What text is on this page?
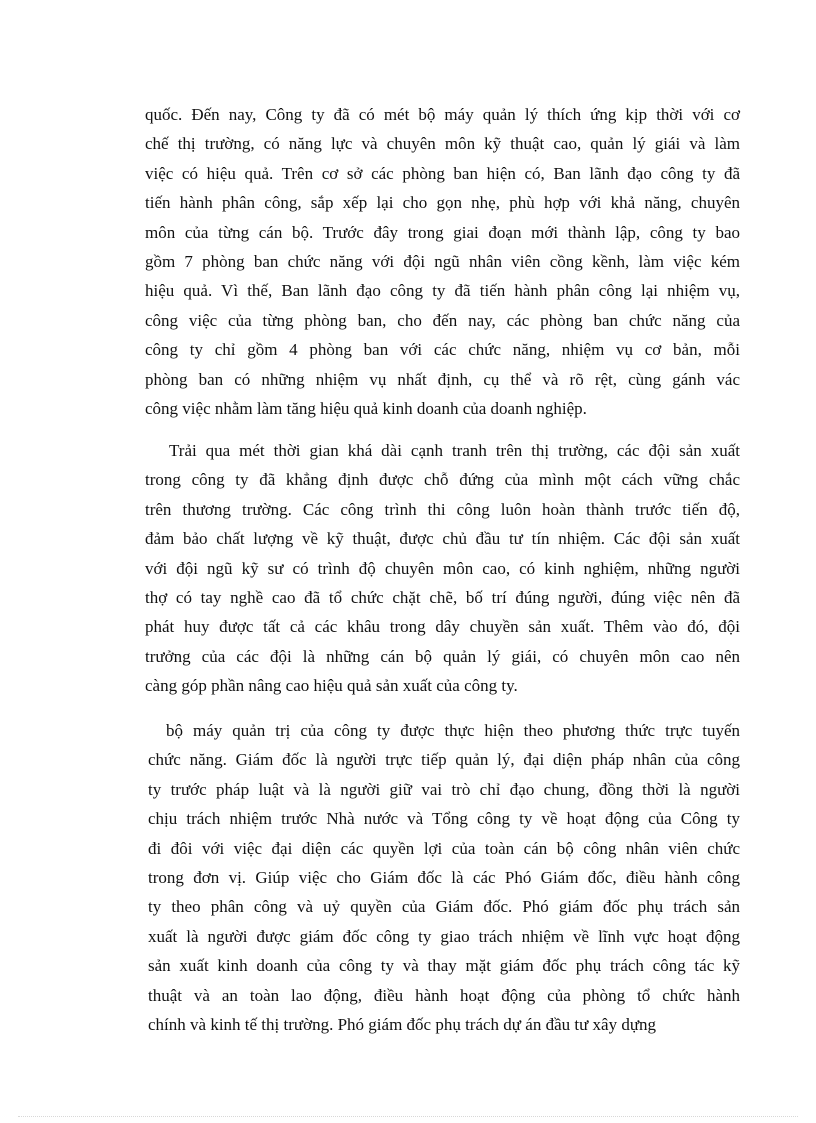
quốc. Đến nay, Công ty đã có mét bộ máy quản lý thích ứng kịp thời với cơ
chế thị trường, có năng lực và chuyên môn kỹ thuật cao, quản lý giái và làm
việc có hiệu quả. Trên cơ sở các phòng ban hiện có, Ban lãnh đạo công ty đã
tiến hành phân công, sắp xếp lại cho gọn nhẹ, phù hợp với khả năng, chuyên
môn của từng cán bộ. Trước đây trong giai đoạn mới thành lập, công ty bao
gồm 7 phòng ban chức năng với đội ngũ nhân viên cồng kềnh, làm việc kém
hiệu quả. Vì thế, Ban lãnh đạo công ty đã tiến hành phân công lại nhiệm vụ,
công việc của từng phòng ban, cho đến nay, các phòng ban chức năng của
công ty chỉ gồm 4 phòng ban với các chức năng, nhiệm vụ cơ bản, mỗi
phòng ban có những nhiệm vụ nhất định, cụ thể và rõ rệt, cùng gánh vác
công việc nhằm làm tăng hiệu quả kinh doanh của doanh nghiệp.
Trải qua mét thời gian khá dài cạnh tranh trên thị trường, các đội sản xuất
trong công ty đã khẳng định được chỗ đứng của mình một cách vững chắc
trên thương trường. Các công trình thi công luôn hoàn thành trước tiến độ,
đảm bảo chất lượng về kỹ thuật, được chủ đầu tư tín nhiệm. Các đội sản xuất
với đội ngũ kỹ sư có trình độ chuyên môn cao, có kinh nghiệm, những người
thợ có tay nghề cao đã tổ chức chặt chẽ, bố trí đúng người, đúng việc nên đã
phát huy được tất cả các khâu trong dây chuyền sản xuất. Thêm vào đó, đội
trưởng của các đội là những cán bộ quản lý giái, có chuyên môn cao nên
càng góp phần nâng cao hiệu quả sản xuất của công ty.
bộ máy quản trị của công ty được thực hiện theo phương thức trực tuyến
chức năng. Giám đốc là người trực tiếp quản lý, đại diện pháp nhân của công
ty trước pháp luật và là người giữ vai trò chỉ đạo chung, đồng thời là người
chịu trách nhiệm trước Nhà nước và Tổng công ty về hoạt động của Công ty
đi đôi với việc đại diện các quyền lợi của toàn cán bộ công nhân viên chức
trong đơn vị. Giúp việc cho Giám đốc là các Phó Giám đốc, điều hành công
ty theo phân công và uỷ quyền của Giám đốc. Phó giám đốc phụ trách sản
xuất là người được giám đốc công ty giao trách nhiệm về lĩnh vực hoạt động
sản xuất kinh doanh của công ty và thay mặt giám đốc phụ trách công tác kỹ
thuật và an toàn lao động, điều hành hoạt động của phòng tổ chức hành
chính và kinh tế thị trường. Phó giám đốc phụ trách dự án đầu tư xây dựng
